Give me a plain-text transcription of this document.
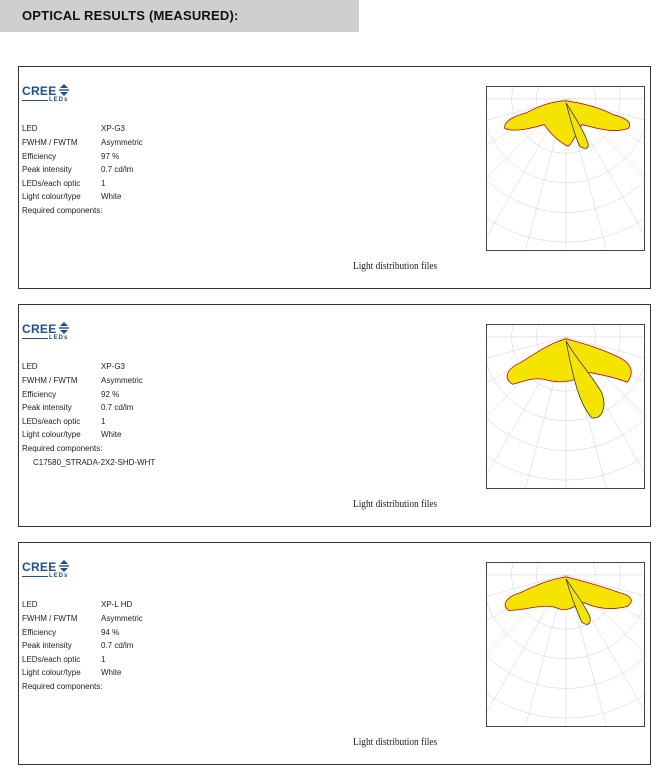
OPTICAL RESULTS (MEASURED):
CREE
LEDs
LED	XP-G3
FWHM / FWTM	Asymmetric
Efficiency	97 %
Peak intensity	0.7 cd/lm
LEDs/each optic	1
Light colour/type	White
Required components:
Light distribution files
CREE
LEDs
LED	XP-G3
FWHM / FWTM	Asymmetric
Efficiency	92 %
Peak intensity	0.7 cd/lm
LEDs/each optic	1
Light colour/type	White
Required components:
C17580_STRADA-2X2-SHD-WHT
Light distribution files
CREE
LEDs
LED	XP-L HD
FWHM / FWTM	Asymmetric
Efficiency	94 %
Peak intensity	0.7 cd/lm
LEDs/each optic	1
Light colour/type	White
Required components:
Light distribution files
